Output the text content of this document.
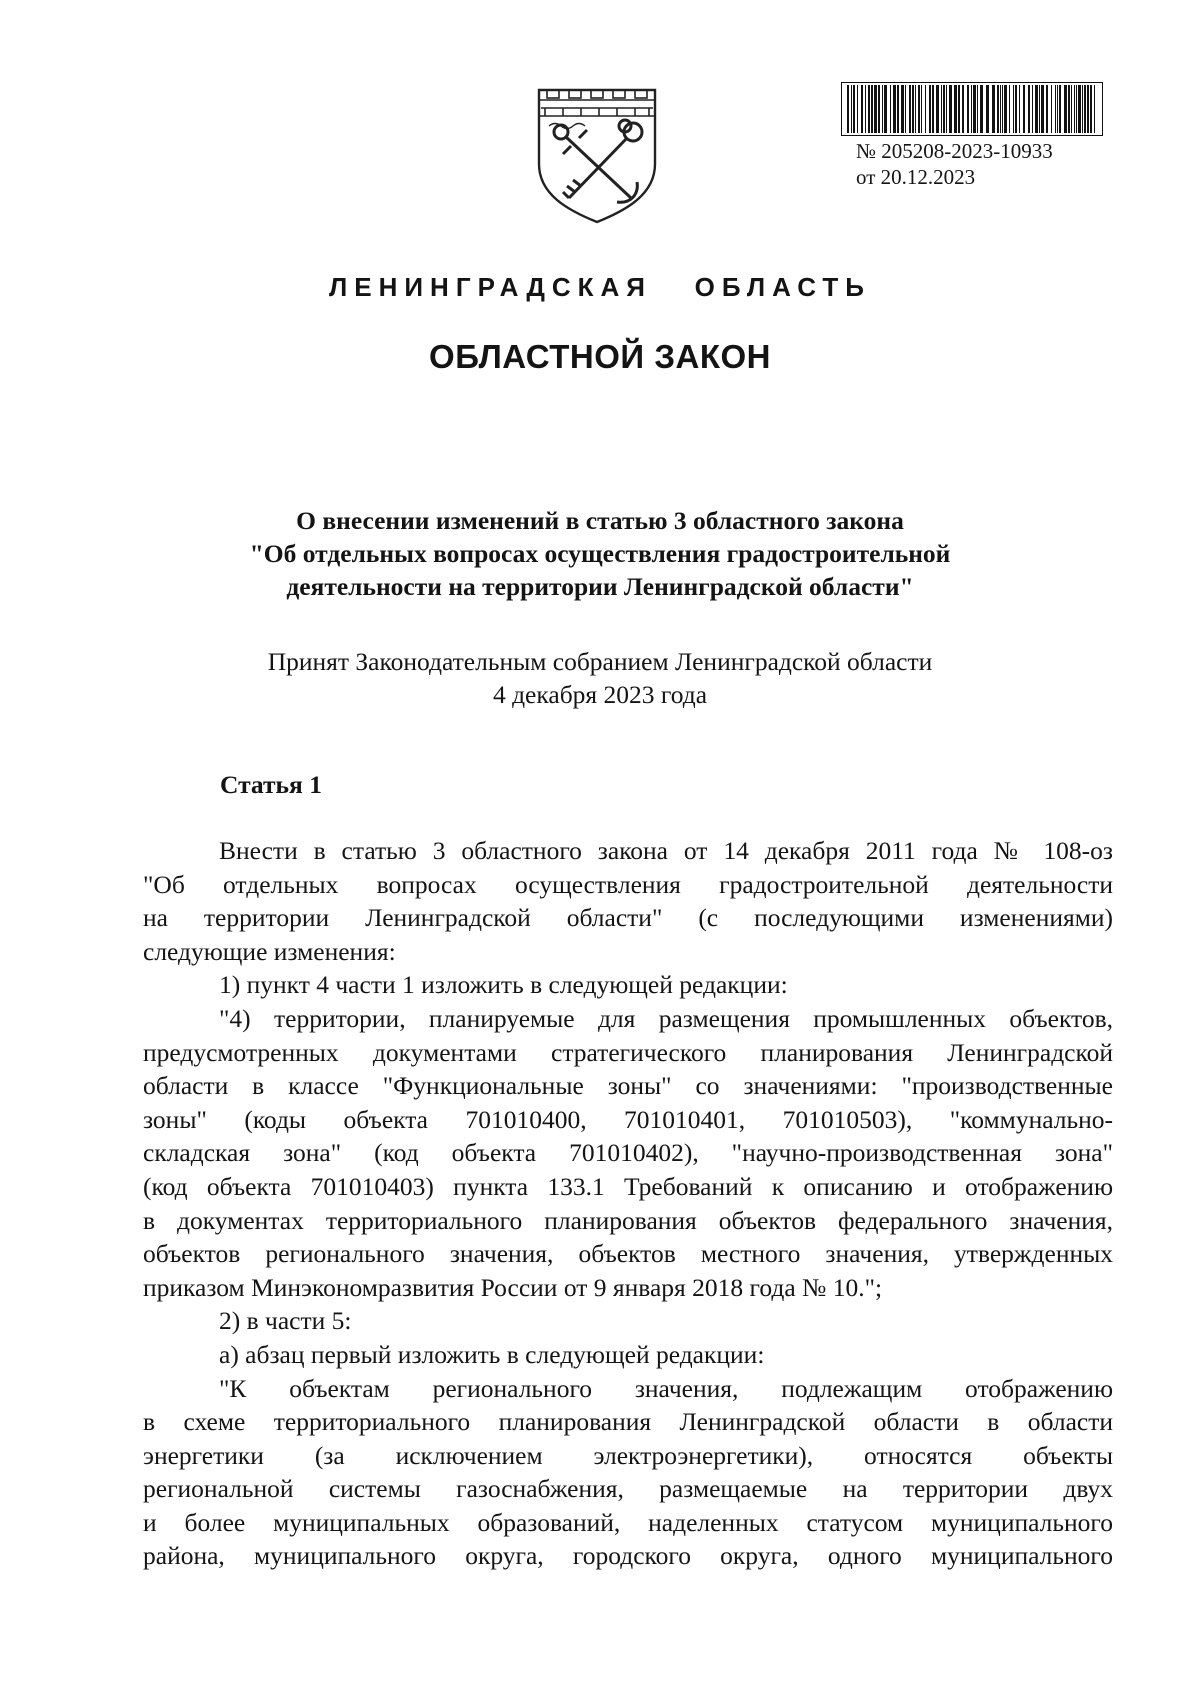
№ 205208-2023-10933
от 20.12.2023
ЛЕНИНГРАДСКАЯ   ОБЛАСТЬ
ОБЛАСТНОЙ ЗАКОН
О внесении изменений в статью 3 областного закона
"Об отдельных вопросах осуществления градостроительной
деятельности на территории Ленинградской области"
Принят Законодательным собранием Ленинградской области
4 декабря 2023 года
Статья 1
Внести в статью 3 областного закона от 14 декабря 2011 года № 108-оз
"Об отдельных вопросах осуществления градостроительной деятельности
на территории Ленинградской области" (с последующими изменениями)
следующие изменения:
1) пункт 4 части 1 изложить в следующей редакции:
"4) территории, планируемые для размещения промышленных объектов,
предусмотренных документами стратегического планирования Ленинградской
области в классе "Функциональные зоны" со значениями: "производственные
зоны" (коды объекта 701010400, 701010401, 701010503), "коммунально-
складская зона" (код объекта 701010402), "научно-производственная зона"
(код объекта 701010403) пункта 133.1 Требований к описанию и отображению
в документах территориального планирования объектов федерального значения,
объектов регионального значения, объектов местного значения, утвержденных
приказом Минэкономразвития России от 9 января 2018 года № 10.";
2) в части 5:
а) абзац первый изложить в следующей редакции:
"К объектам регионального значения, подлежащим отображению
в схеме территориального планирования Ленинградской области в области
энергетики (за исключением электроэнергетики), относятся объекты
региональной системы газоснабжения, размещаемые на территории двух
и более муниципальных образований, наделенных статусом муниципального
района, муниципального округа, городского округа, одного муниципального
